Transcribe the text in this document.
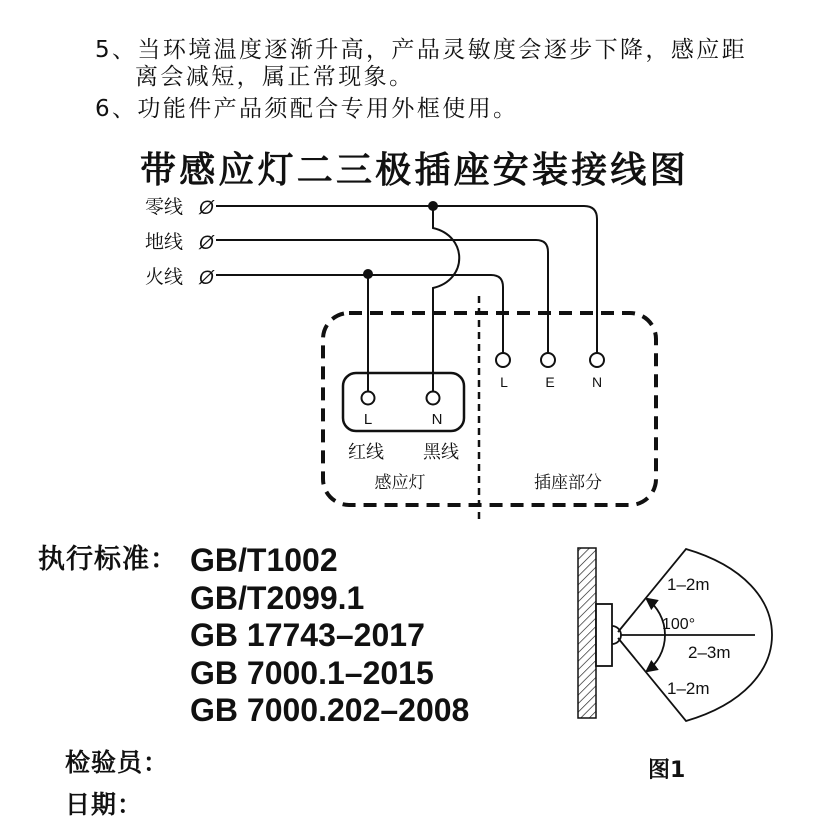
5、当环境温度逐渐升高，产品灵敏度会逐步下降，感应距
离会减短，属正常现象。
6、功能件产品须配合专用外框使用。
带感应灯二三极插座安装接线图
零线 Ø
地线 Ø
火线 Ø
L	N
红线 黑线
感应灯
L	E	N
插座部分
1–2m
100°
2–3m
1–2m
图1
执行标准： GB/T1002
GB/T2099.1
GB 17743–2017
GB 7000.1–2015
GB 7000.202–2008
检验员：
日期：
